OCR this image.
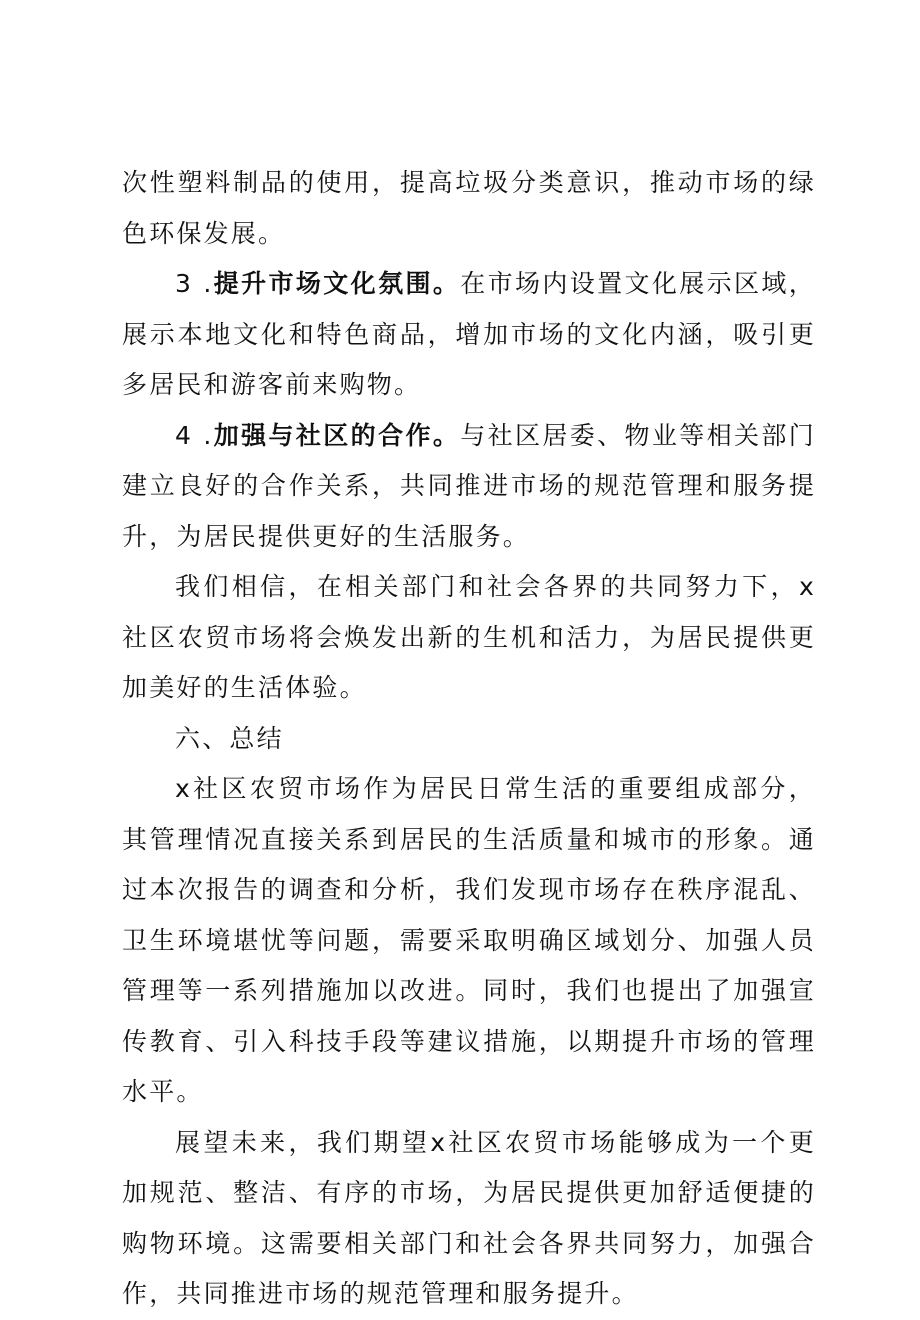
次性塑料制品的使用，提高垃圾分类意识，推动市场的绿色环保发展。

3 .提升市场文化氛围。在市场内设置文化展示区域，展示本地文化和特色商品，增加市场的文化内涵，吸引更多居民和游客前来购物。

4 .加强与社区的合作。与社区居委、物业等相关部门建立良好的合作关系，共同推进市场的规范管理和服务提升，为居民提供更好的生活服务。

我们相信，在相关部门和社会各界的共同努力下，x社区农贸市场将会焕发出新的生机和活力，为居民提供更加美好的生活体验。

六、总结

x社区农贸市场作为居民日常生活的重要组成部分，其管理情况直接关系到居民的生活质量和城市的形象。通过本次报告的调查和分析，我们发现市场存在秩序混乱、卫生环境堪忧等问题，需要采取明确区域划分、加强人员管理等一系列措施加以改进。同时，我们也提出了加强宣传教育、引入科技手段等建议措施，以期提升市场的管理水平。

展望未来，我们期望x社区农贸市场能够成为一个更加规范、整洁、有序的市场，为居民提供更加舒适便捷的购物环境。这需要相关部门和社会各界共同努力，加强合作，共同推进市场的规范管理和服务提升。
